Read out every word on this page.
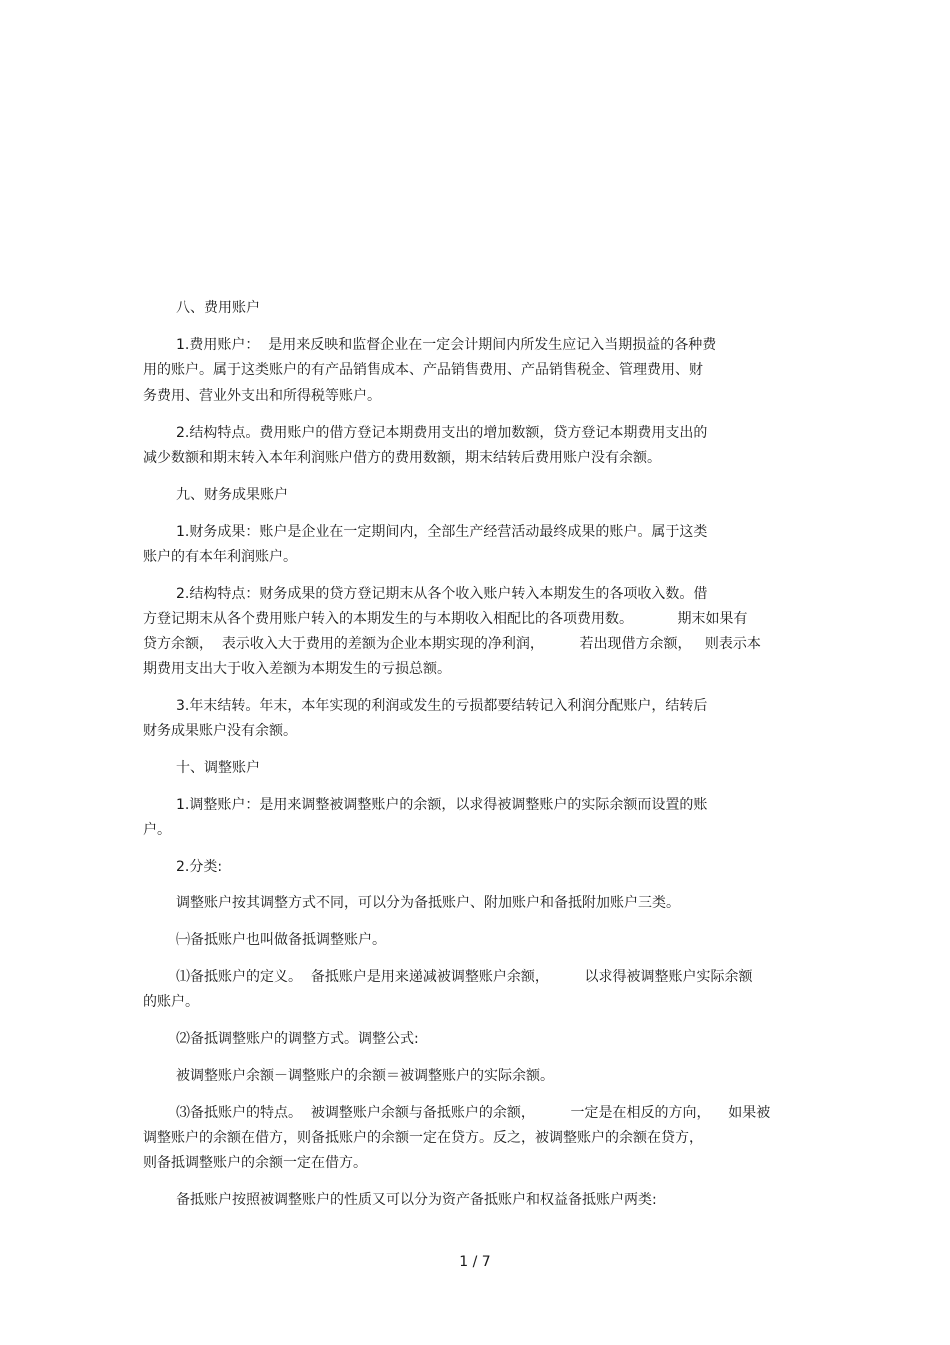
八、费用账户
1.费用账户：  是用来反映和监督企业在一定会计期间内所发生应记入当期损益的各种费
用的账户。属于这类账户的有产品销售成本、产品销售费用、产品销售税金、管理费用、财
务费用、营业外支出和所得税等账户。
2.结构特点。费用账户的借方登记本期费用支出的增加数额，贷方登记本期费用支出的
减少数额和期末转入本年利润账户借方的费用数额，期末结转后费用账户没有余额。
九、财务成果账户
1.财务成果：账户是企业在一定期间内，全部生产经营活动最终成果的账户。属于这类
账户的有本年利润账户。
2.结构特点：财务成果的贷方登记期末从各个收入账户转入本期发生的各项收入数。借
方登记期末从各个费用账户转入的本期发生的与本期收入相配比的各项费用数。          期末如果有
贷方余额，  表示收入大于费用的差额为企业本期实现的净利润，        若出现借方余额，   则表示本
期费用支出大于收入差额为本期发生的亏损总额。
3.年末结转。年末，本年实现的利润或发生的亏损都要结转记入利润分配账户，结转后
财务成果账户没有余额。
十、调整账户
1.调整账户：是用来调整被调整账户的余额，以求得被调整账户的实际余额而设置的账
户。
2.分类:
调整账户按其调整方式不同，可以分为备抵账户、附加账户和备抵附加账户三类。
㈠备抵账户也叫做备抵调整账户。
⑴备抵账户的定义。  备抵账户是用来递减被调整账户余额，        以求得被调整账户实际余额
的账户。
⑵备抵调整账户的调整方式。调整公式:
被调整账户余额－调整账户的余额＝被调整账户的实际余额。
⑶备抵账户的特点。  被调整账户余额与备抵账户的余额，        一定是在相反的方向，    如果被
调整账户的余额在借方，则备抵账户的余额一定在贷方。反之，被调整账户的余额在贷方，
则备抵调整账户的余额一定在借方。
备抵账户按照被调整账户的性质又可以分为资产备抵账户和权益备抵账户两类:
1 / 7
